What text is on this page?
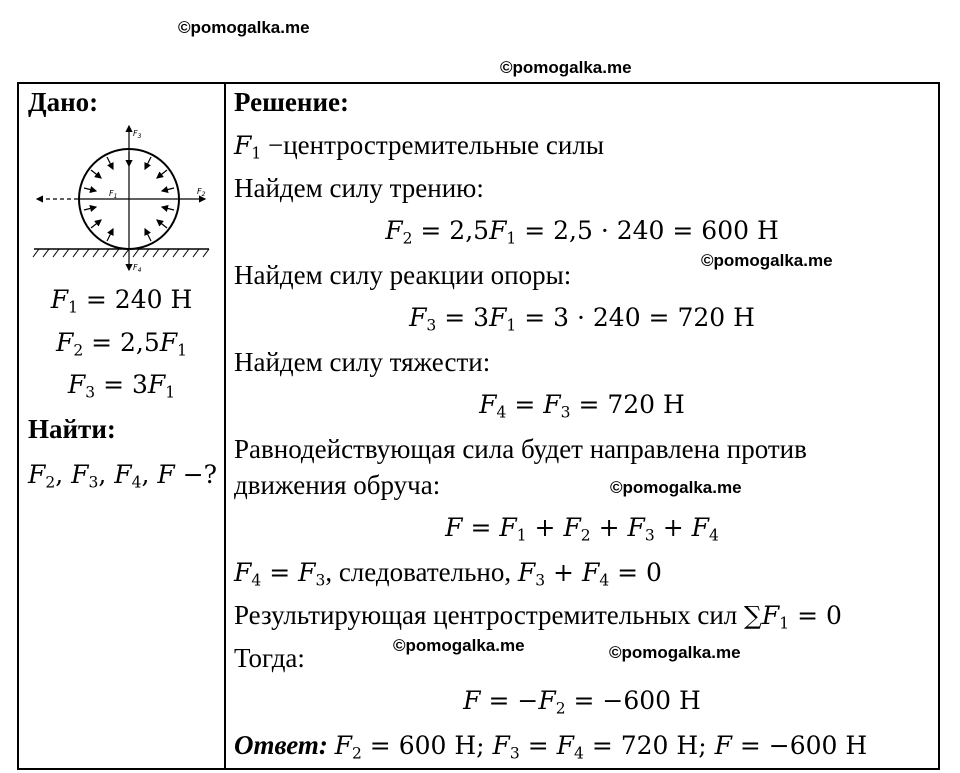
©pomogalka.me
©pomogalka.me
©pomogalka.me
©pomogalka.me
©pomogalka.me	©pomogalka.me
Дано:
$F_3$
$F_2$
$F_4$
$F_1$
$F_1 = 240$ Н
$F_2 = 2,5F_1$
$F_3 = 3F_1$
Найти:
$F_2$, $F_3$, $F_4$, F −?
Решение:
$F_1$ −центростремительные силы
Найдем силу трению:
$F_2 = 2,5F_1 = 2,5 \cdot 240 = 600$ Н
Найдем силу реакции опоры:
$F_3 = 3F_1 = 3 \cdot 240 = 720$ Н
Найдем силу тяжести:
$F_4 = F_3 = 720$ Н
Равнодействующая сила будет направлена против
движения обруча:
$F = F_1 + F_2 + F_3 + F_4$
$F_4 = F_3$, следовательно, $F_3 + F_4 = 0$
Результирующая центростремительных сил $\sum F_1 = 0$
Тогда:
$F = -F_2 = -600$ Н
Ответ: $F_2 = 600$ Н; $F_3 = F_4 = 720$ Н; F = −600 Н
